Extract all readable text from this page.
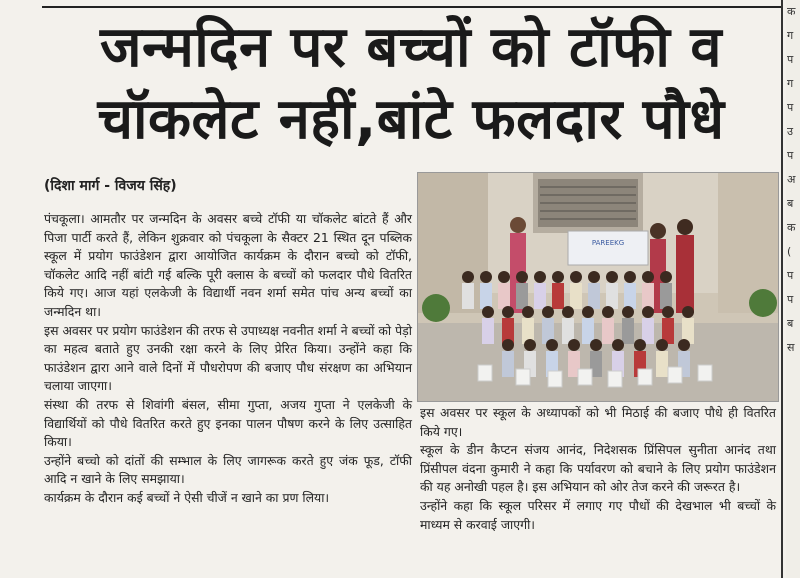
क
ग
प
ग
प
उ
प
अ
ब
क
(
प
प
ब
स
जन्मदिन पर बच्चों को टॉफी व
चॉकलेट नहीं,बांटे फलदार पौधे
(दिशा मार्ग - विजय सिंह)

पंचकूला। आमतौर पर जन्मदिन के अवसर बच्चे टॉफी या चॉकलेट बांटते हैं और पिजा पार्टी करते हैं, लेकिन शुक्रवार को पंचकूला के सैक्टर 21 स्थित दून पब्लिक स्कूल में प्रयोग फाउंडेशन द्वारा आयोजित कार्यक्रम के दौरान बच्चो को टॉफी, चॉकलेट आदि नहीं बांटी गई बल्कि पूरी क्लास के बच्चों को फलदार पौधे वितरित किये गए। आज यहां एलकेजी के विद्यार्थी नवन शर्मा समेत पांच अन्य बच्चों का जन्मदिन था।

इस अवसर पर प्रयोग फाउंडेशन की तरफ से उपाध्यक्ष नवनीत शर्मा ने बच्चों को पेड़ो का महत्व बताते हुए उनकी रक्षा करने के लिए प्रेरित किया। उन्होंने कहा कि फाउंडेशन द्वारा आने वाले दिनों में पौधरोपण की बजाए पौध संरक्षण का अभियान चलाया जाएगा।

संस्था की तरफ से शिवांगी बंसल, सीमा गुप्ता, अजय गुप्ता ने एलकेजी के विद्यार्थियों को पौधे वितरित करते हुए इनका पालन पौषण करने के लिए उत्साहित किया।

उन्होंने बच्चो को दांतों की सम्भाल के लिए जागरूक करते हुए जंक फूड, टॉफी आदि न खाने के लिए समझाया।

कार्यक्रम के दौरान कई बच्चों ने ऐसी चीजें न खाने का प्रण लिया।

PAREEKG

इस अवसर पर स्कूल के अध्यापकों को भी मिठाई की बजाए पौधे ही वितरित किये गए।

स्कूल के डीन कैप्टन संजय आनंद, निदेशसक प्रिंसिपल सुनीता आनंद तथा प्रिंसीपल वंदना कुमारी ने कहा कि पर्यावरण को बचाने के लिए प्रयोग फाउंडेशन की यह अनोखी पहल है। इस अभियान को ओर तेज करने की जरूरत है।

उन्होंने कहा कि स्कूल परिसर में लगाए गए पौधों की देखभाल भी बच्चों के माध्यम से करवाई जाएगी।
